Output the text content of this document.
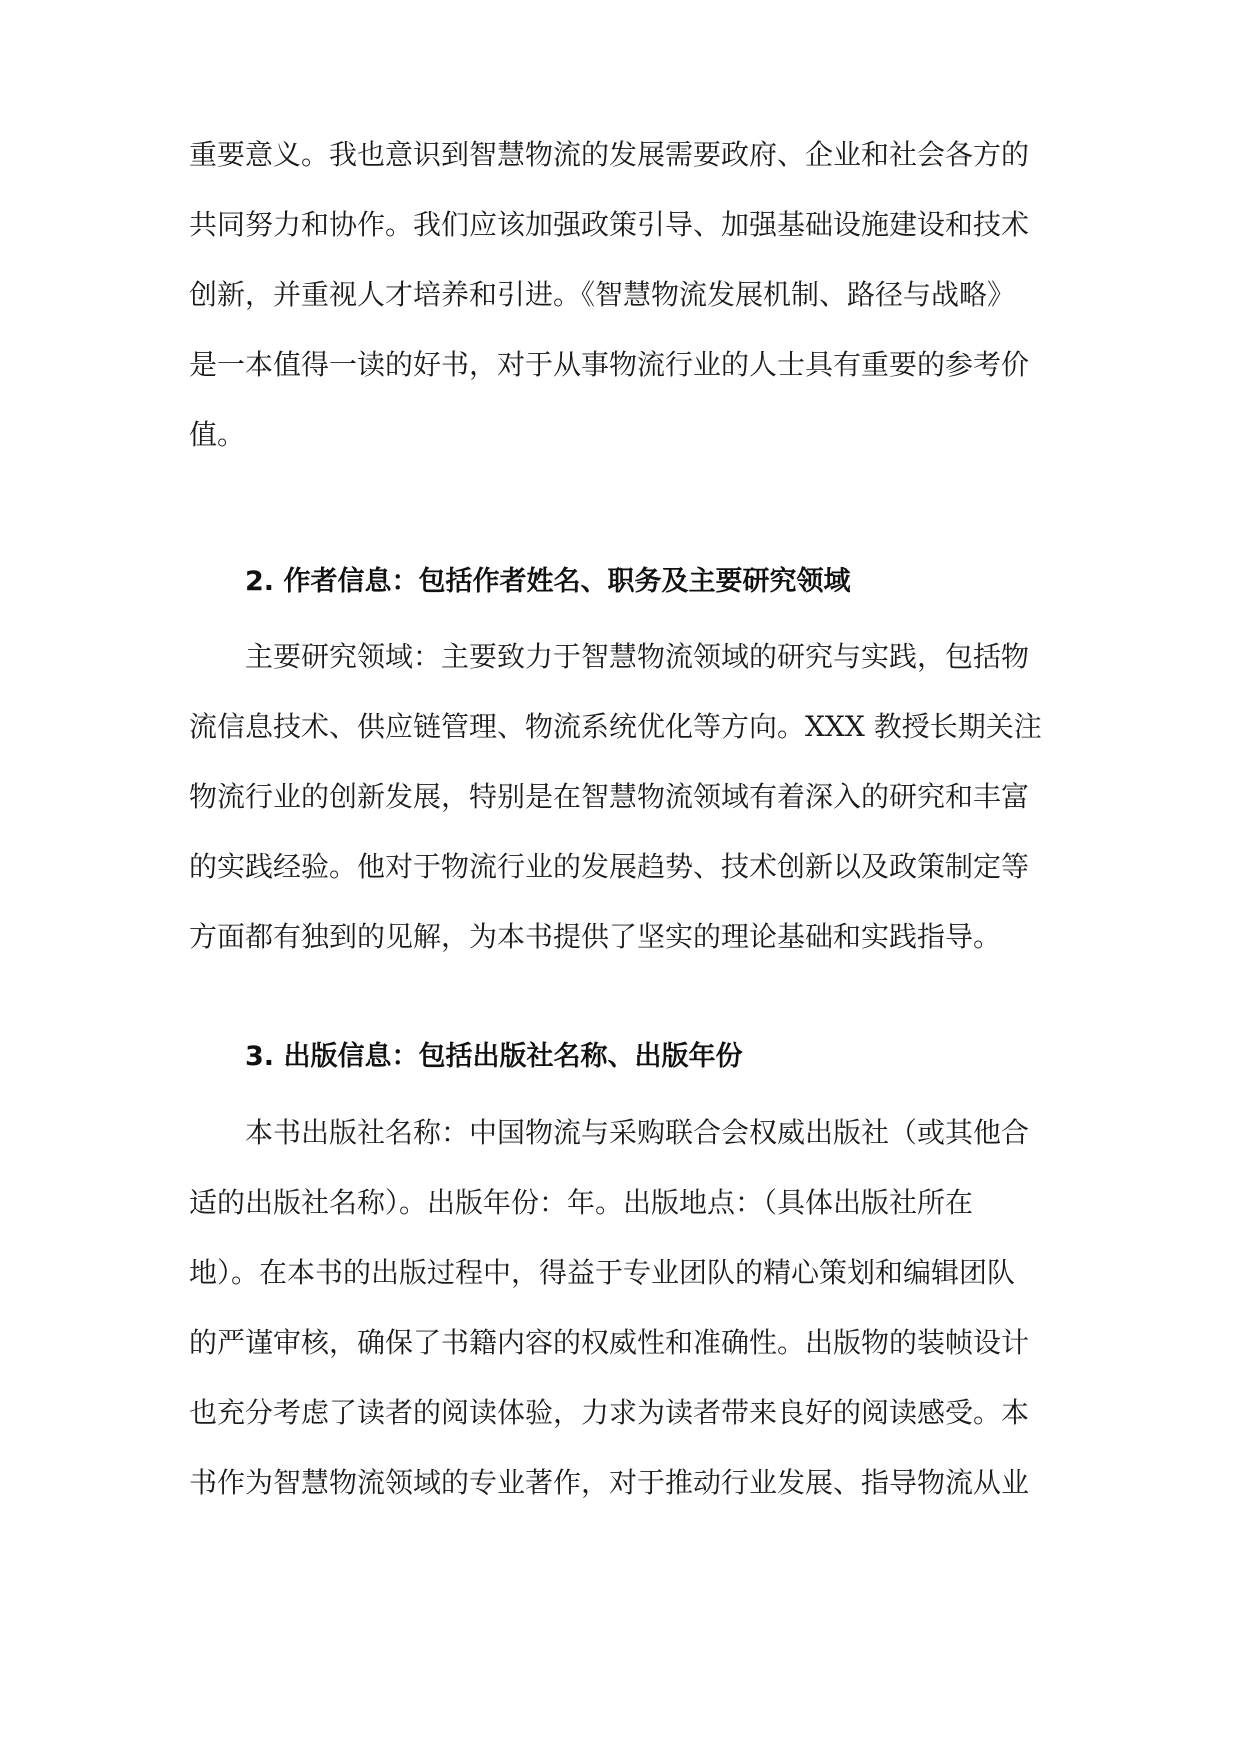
重要意义。我也意识到智慧物流的发展需要政府、企业和社会各方的
共同努力和协作。我们应该加强政策引导、加强基础设施建设和技术
创新，并重视人才培养和引进。《智慧物流发展机制、路径与战略》
是一本值得一读的好书，对于从事物流行业的人士具有重要的参考价
值。
2. 作者信息：包括作者姓名、职务及主要研究领域
主要研究领域：主要致力于智慧物流领域的研究与实践，包括物
流信息技术、供应链管理、物流系统优化等方向。XXX 教授长期关注
物流行业的创新发展，特别是在智慧物流领域有着深入的研究和丰富
的实践经验。他对于物流行业的发展趋势、技术创新以及政策制定等
方面都有独到的见解，为本书提供了坚实的理论基础和实践指导。
3. 出版信息：包括出版社名称、出版年份
本书出版社名称：中国物流与采购联合会权威出版社（或其他合
适的出版社名称）。出版年份：年。出版地点：（具体出版社所在
地）。在本书的出版过程中，得益于专业团队的精心策划和编辑团队
的严谨审核，确保了书籍内容的权威性和准确性。出版物的装帧设计
也充分考虑了读者的阅读体验，力求为读者带来良好的阅读感受。本
书作为智慧物流领域的专业著作，对于推动行业发展、指导物流从业
